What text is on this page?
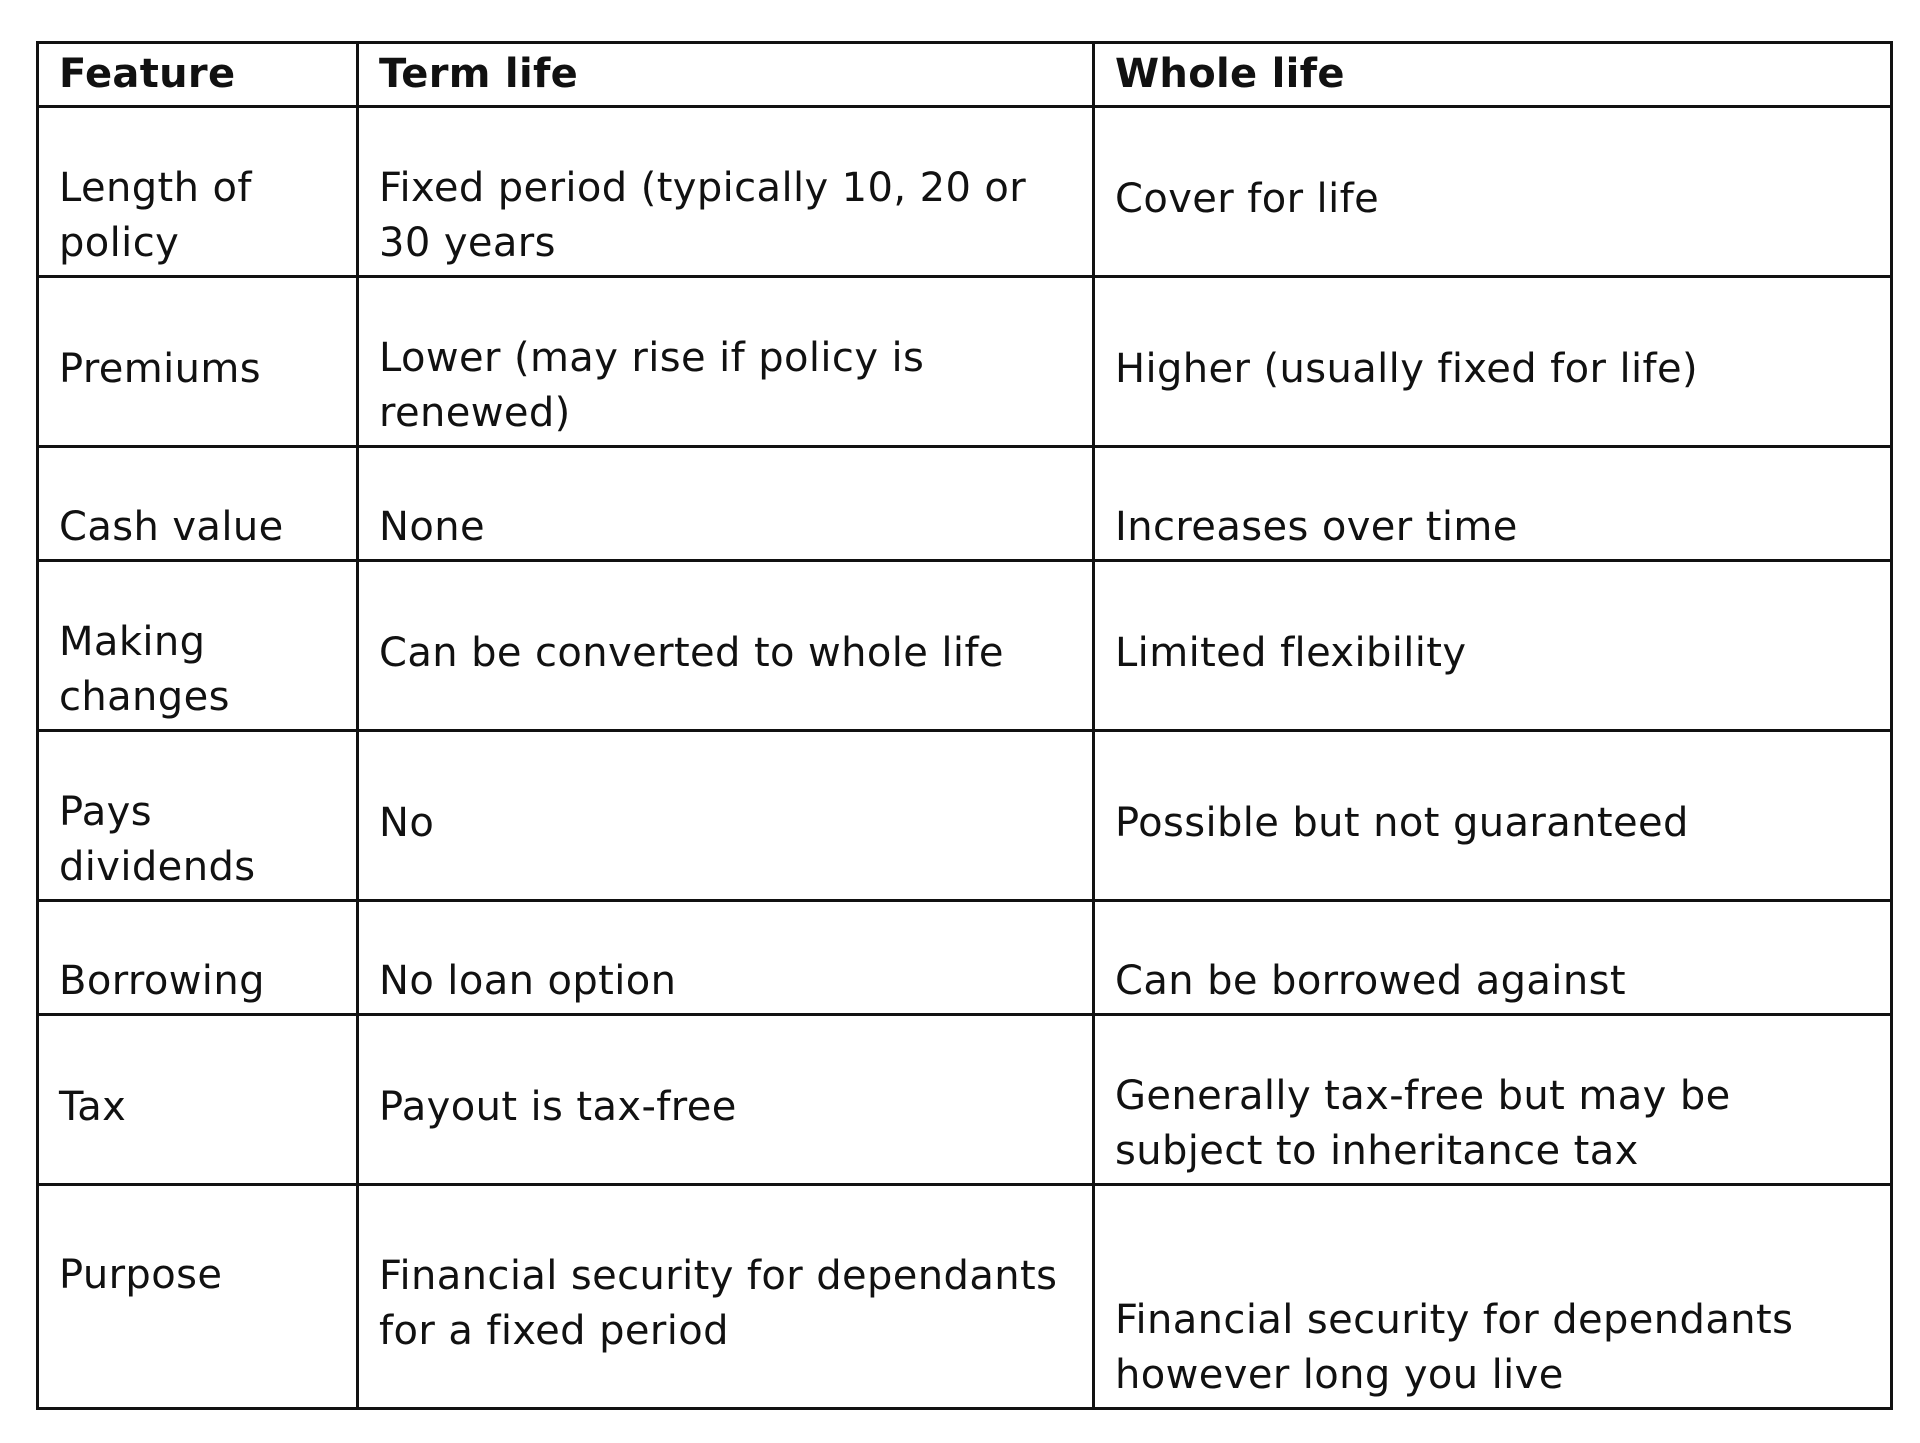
Feature	Term life	Whole life
Length of policy	Fixed period (typically 10, 20 or 30 years	Cover for life

Premiums	Lower (may rise if policy is renewed)	Higher (usually fixed for life)

Cash value	None	Increases over time
Making changes	Can be converted to whole life	Limited flexibility

Pays dividends	No	Possible but not guaranteed

Borrowing	No loan option	Can be borrowed against

Tax	Payout is tax-free	Generally tax-free but may be subject to inheritance tax

Purpose	Financial security for dependants for a fixed period	Financial security for dependants however long you live
